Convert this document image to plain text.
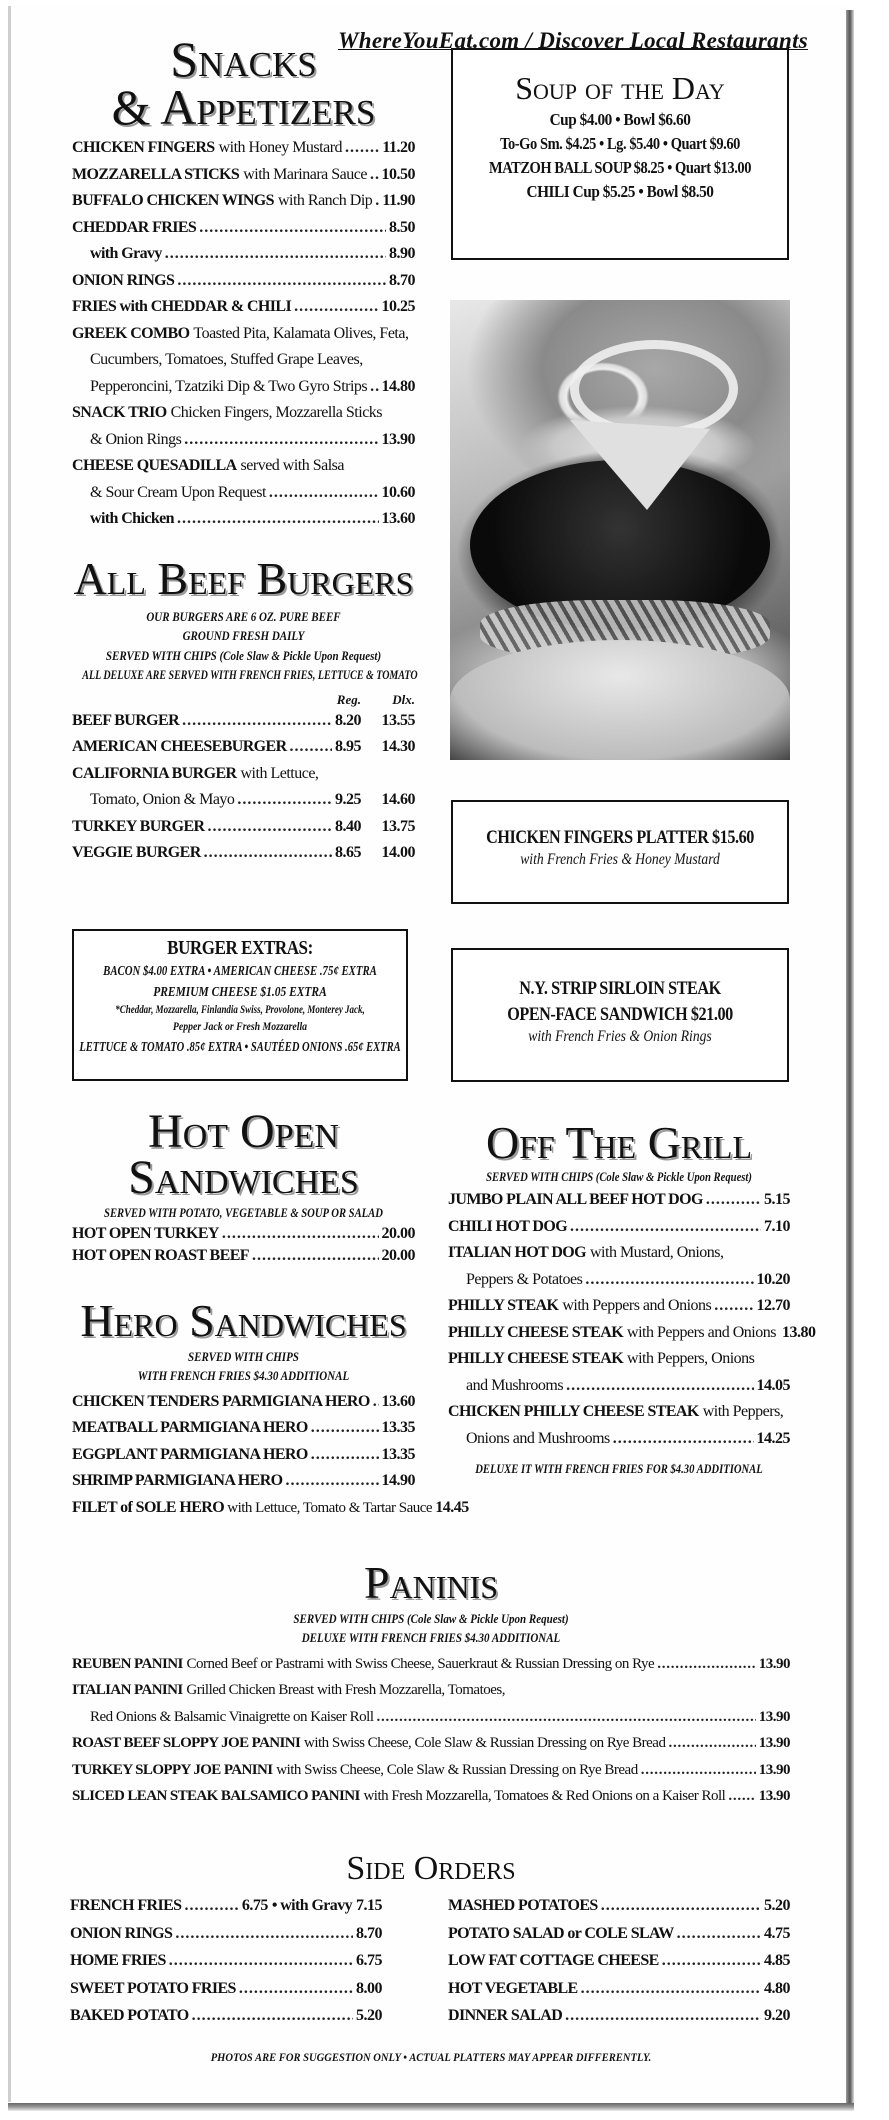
WhereYouEat.com / Discover Local Restaurants
Snacks
& Appetizers
CHICKEN FINGERS
with Honey Mustard . . .	11.20
MOZZARELLA STICKS
with Marinara Sauce . . . 10.50
BUFFALO CHICKEN WINGS
with Ranch Dip . . . 11.90
CHEDDAR FRIES . . .	8.50
with Gravy . . .	8.90
ONION RINGS . . .	8.70
FRIES with CHEDDAR & CHILI . . .	10.25
GREEK COMBO
Toasted Pita, Kalamata Olives, Feta,
Cucumbers, Tomatoes, Stuffed Grape Leaves,
Pepperoncini, Tzatziki Dip & Two Gyro Strips . . . 14.80
SNACK TRIO
Chicken Fingers, Mozzarella Sticks
& Onion Rings . . .	13.90
CHEESE QUESADILLA
served with Salsa
& Sour Cream Upon Request . . .	10.60
with Chicken . . .	13.60
All Beef Burgers
OUR BURGERS ARE 6 OZ. PURE BEEF
GROUND FRESH DAILY
SERVED WITH CHIPS (Cole Slaw & Pickle Upon Request)
ALL DELUXE ARE SERVED WITH FRENCH FRIES, LETTUCE & TOMATO
Reg.	Dlx.
BEEF BURGER . . .	8.20	13.55
AMERICAN CHEESEBURGER . . .	8.95	14.30
CALIFORNIA BURGER
with Lettuce,
Tomato, Onion & Mayo . . .	9.25	14.60
TURKEY BURGER . . .	8.40	13.75
VEGGIE BURGER . . .	8.65	14.00
BURGER EXTRAS:
BACON $4.00 EXTRA • AMERICAN CHEESE .75¢ EXTRA
PREMIUM CHEESE $1.05 EXTRA
*Cheddar, Mozzarella, Finlandia Swiss, Provolone, Monterey Jack,
Pepper Jack or Fresh Mozzarella
LETTUCE & TOMATO .85¢ EXTRA • SAUTÉED ONIONS .65¢ EXTRA
Hot Open
Sandwiches
SERVED WITH POTATO, VEGETABLE & SOUP OR SALAD
HOT OPEN TURKEY . . .	20.00
HOT OPEN ROAST BEEF . . .	20.00
Hero Sandwiches
SERVED WITH CHIPS
WITH FRENCH FRIES $4.30 ADDITIONAL
CHICKEN TENDERS PARMIGIANA HERO . . . 13.60
MEATBALL PARMIGIANA HERO . . .	13.35
EGGPLANT PARMIGIANA HERO . . .	13.35
SHRIMP PARMIGIANA HERO . . .	14.90
FILET of SOLE HERO
with Lettuce, Tomato & Tartar Sauce
14.45
Soup of the Day
Cup $4.00 • Bowl $6.60
To-Go Sm. $4.25 • Lg. $5.40 • Quart $9.60
MATZOH BALL SOUP $8.25 • Quart $13.00
CHILI Cup $5.25 • Bowl $8.50
CHICKEN FINGERS PLATTER $15.60
with French Fries & Honey Mustard
N.Y. STRIP SIRLOIN STEAK
OPEN-FACE SANDWICH $21.00
with French Fries & Onion Rings
Off The Grill
SERVED WITH CHIPS (Cole Slaw & Pickle Upon Request)
JUMBO PLAIN ALL BEEF HOT DOG . . .	5.15
CHILI HOT DOG . . .	7.10
ITALIAN HOT DOG
with Mustard, Onions,
Peppers & Potatoes . . .	10.20
PHILLY STEAK
with Peppers and Onions . . .	12.70
PHILLY CHEESE STEAK
with Peppers and Onions 13.80
PHILLY CHEESE STEAK
with Peppers, Onions
and Mushrooms . . .	14.05
CHICKEN PHILLY CHEESE STEAK
with Peppers,
Onions and Mushrooms . . .	14.25
DELUXE IT WITH FRENCH FRIES FOR $4.30 ADDITIONAL
Paninis
SERVED WITH CHIPS (Cole Slaw & Pickle Upon Request)
DELUXE WITH FRENCH FRIES $4.30 ADDITIONAL
REUBEN PANINI
Corned Beef or Pastrami with Swiss Cheese, Sauerkraut & Russian Dressing on Rye . . .	13.90
ITALIAN PANINI
Grilled Chicken Breast with Fresh Mozzarella, Tomatoes,
Red Onions & Balsamic Vinaigrette on Kaiser Roll . . .	13.90
ROAST BEEF SLOPPY JOE PANINI
with Swiss Cheese, Cole Slaw & Russian Dressing on Rye Bread . . .	13.90
TURKEY SLOPPY JOE PANINI
with Swiss Cheese, Cole Slaw & Russian Dressing on Rye Bread . . .	13.90
SLICED LEAN STEAK BALSAMICO PANINI
with Fresh Mozzarella, Tomatoes & Red Onions on a Kaiser Roll . . . 13.90
Side Orders
FRENCH FRIES . . .	6.75
• with Gravy
7.15
ONION RINGS . . .	8.70
HOME FRIES . . .	6.75
SWEET POTATO FRIES . . .	8.00
BAKED POTATO . . .	5.20
MASHED POTATOES . . .	5.20
POTATO SALAD or COLE SLAW . . .	4.75
LOW FAT COTTAGE CHEESE . . .	4.85
HOT VEGETABLE . . .	4.80
DINNER SALAD . . .	9.20
PHOTOS ARE FOR SUGGESTION ONLY • ACTUAL PLATTERS MAY APPEAR DIFFERENTLY.
